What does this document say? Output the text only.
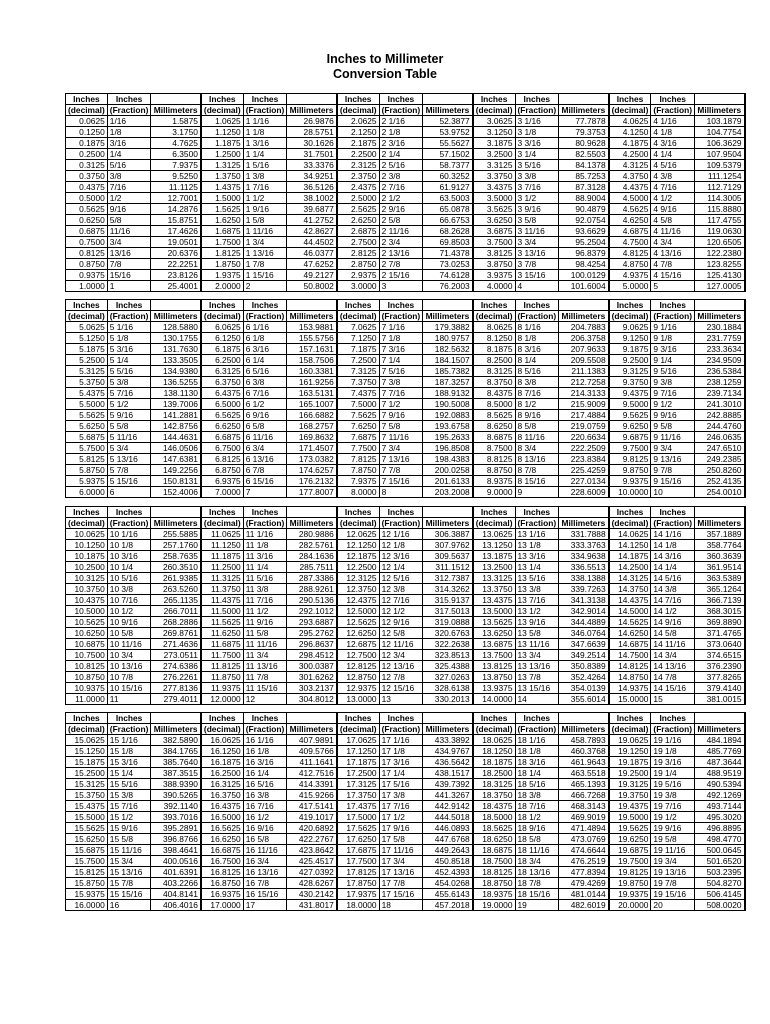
Inches to Millimeter
Conversion Table
Inches	Inches		Inches	Inches		Inches	Inches		Inches	Inches		Inches	Inches	
(decimal)	(Fraction)	Millimeters	(decimal)	(Fraction)	Millimeters	(decimal)	(Fraction)	Millimeters	(decimal)	(Fraction)	Millimeters	(decimal)	(Fraction)	Millimeters
0.0625	1/16	1.5875	1.0625	1 1/16	26.9876	2.0625	2 1/16	52.3877	3.0625	3 1/16	77.7878	4.0625	4 1/16	103.1879
0.1250	1/8	3.1750	1.1250	1 1/8	28.5751	2.1250	2 1/8	53.9752	3.1250	3 1/8	79.3753	4.1250	4 1/8	104.7754
0.1875	3/16	4.7625	1.1875	1 3/16	30.1626	2.1875	2 3/16	55.5627	3.1875	3 3/16	80.9628	4.1875	4 3/16	106.3629
0.2500	1/4	6.3500	1.2500	1 1/4	31.7501	2.2500	2 1/4	57.1502	3.2500	3 1/4	82.5503	4.2500	4 1/4	107.9504
0.3125	5/16	7.9375	1.3125	1 5/16	33.3376	2.3125	2 5/16	58.7377	3.3125	3 5/16	84.1378	4.3125	4 5/16	109.5379
0.3750	3/8	9.5250	1.3750	1 3/8	34.9251	2.3750	2 3/8	60.3252	3.3750	3 3/8	85.7253	4.3750	4 3/8	111.1254
0.4375	7/16	11.1125	1.4375	1 7/16	36.5126	2.4375	2 7/16	61.9127	3.4375	3 7/16	87.3128	4.4375	4 7/16	112.7129
0.5000	1/2	12.7001	1.5000	1 1/2	38.1002	2.5000	2 1/2	63.5003	3.5000	3 1/2	88.9004	4.5000	4 1/2	114.3005
0.5625	9/16	14.2876	1.5625	1 9/16	39.6877	2.5625	2 9/16	65.0878	3.5625	3 9/16	90.4879	4.5625	4 9/16	115.8880
0.6250	5/8	15.8751	1.6250	1 5/8	41.2752	2.6250	2 5/8	66.6753	3.6250	3 5/8	92.0754	4.6250	4 5/8	117.4755
0.6875	11/16	17.4626	1.6875	1 11/16	42.8627	2.6875	2 11/16	68.2628	3.6875	3 11/16	93.6629	4.6875	4 11/16	119.0630
0.7500	3/4	19.0501	1.7500	1 3/4	44.4502	2.7500	2 3/4	69.8503	3.7500	3 3/4	95.2504	4.7500	4 3/4	120.6505
0.8125	13/16	20.6376	1.8125	1 13/16	46.0377	2.8125	2 13/16	71.4378	3.8125	3 13/16	96.8379	4.8125	4 13/16	122.2380
0.8750	7/8	22.2251	1.8750	1 7/8	47.6252	2.8750	2 7/8	73.0253	3.8750	3 7/8	98.4254	4.8750	4 7/8	123.8255
0.9375	15/16	23.8126	1.9375	1 15/16	49.2127	2.9375	2 15/16	74.6128	3.9375	3 15/16	100.0129	4.9375	4 15/16	125.4130
1.0000	1	25.4001	2.0000	2	50.8002	3.0000	3	76.2003	4.0000	4	101.6004	5.0000	5	127.0005
Inches	Inches		Inches	Inches		Inches	Inches		Inches	Inches		Inches	Inches	
(decimal)	(Fraction)	Millimeters	(decimal)	(Fraction)	Millimeters	(decimal)	(Fraction)	Millimeters	(decimal)	(Fraction)	Millimeters	(decimal)	(Fraction)	Millimeters
5.0625	5 1/16	128.5880	6.0625	6 1/16	153.9881	7.0625	7 1/16	179.3882	8.0625	8 1/16	204.7883	9.0625	9 1/16	230.1884
5.1250	5 1/8	130.1755	6.1250	6 1/8	155.5756	7.1250	7 1/8	180.9757	8.1250	8 1/8	206.3758	9.1250	9 1/8	231.7759
5.1875	5 3/16	131.7630	6.1875	6 3/16	157.1631	7.1875	7 3/16	182.5632	8.1875	8 3/16	207.9633	9.1875	9 3/16	233.3634
5.2500	5 1/4	133.3505	6.2500	6 1/4	158.7506	7.2500	7 1/4	184.1507	8.2500	8 1/4	209.5508	9.2500	9 1/4	234.9509
5.3125	5 5/16	134.9380	6.3125	6 5/16	160.3381	7.3125	7 5/16	185.7382	8.3125	8 5/16	211.1383	9.3125	9 5/16	236.5384
5.3750	5 3/8	136.5255	6.3750	6 3/8	161.9256	7.3750	7 3/8	187.3257	8.3750	8 3/8	212.7258	9.3750	9 3/8	238.1259
5.4375	5 7/16	138.1130	6.4375	6 7/16	163.5131	7.4375	7 7/16	188.9132	8.4375	8 7/16	214.3133	9.4375	9 7/16	239.7134
5.5000	5 1/2	139.7006	6.5000	6 1/2	165.1007	7.5000	7 1/2	190.5008	8.5000	8 1/2	215.9009	9.5000	9 1/2	241.3010
5.5625	5 9/16	141.2881	6.5625	6 9/16	166.6882	7.5625	7 9/16	192.0883	8.5625	8 9/16	217.4884	9.5625	9 9/16	242.8885
5.6250	5 5/8	142.8756	6.6250	6 5/8	168.2757	7.6250	7 5/8	193.6758	8.6250	8 5/8	219.0759	9.6250	9 5/8	244.4760
5.6875	5 11/16	144.4631	6.6875	6 11/16	169.8632	7.6875	7 11/16	195.2633	8.6875	8 11/16	220.6634	9.6875	9 11/16	246.0635
5.7500	5 3/4	146.0506	6.7500	6 3/4	171.4507	7.7500	7 3/4	196.8508	8.7500	8 3/4	222.2509	9.7500	9 3/4	247.6510
5.8125	5 13/16	147.6381	6.8125	6 13/16	173.0382	7.8125	7 13/16	198.4383	8.8125	8 13/16	223.8384	9.8125	9 13/16	249.2385
5.8750	5 7/8	149.2256	6.8750	6 7/8	174.6257	7.8750	7 7/8	200.0258	8.8750	8 7/8	225.4259	9.8750	9 7/8	250.8260
5.9375	5 15/16	150.8131	6.9375	6 15/16	176.2132	7.9375	7 15/16	201.6133	8.9375	8 15/16	227.0134	9.9375	9 15/16	252.4135
6.0000	6	152.4006	7.0000	7	177.8007	8.0000	8	203.2008	9.0000	9	228.6009	10.0000	10	254.0010
Inches	Inches		Inches	Inches		Inches	Inches		Inches	Inches		Inches	Inches	
(decimal)	(Fraction)	Millimeters	(decimal)	(Fraction)	Millimeters	(decimal)	(Fraction)	Millimeters	(decimal)	(Fraction)	Millimeters	(decimal)	(Fraction)	Millimeters
10.0625	10 1/16	255.5885	11.0625	11 1/16	280.9886	12.0625	12 1/16	306.3887	13.0625	13 1/16	331.7888	14.0625	14 1/16	357.1889
10.1250	10 1/8	257.1760	11.1250	11 1/8	282.5761	12.1250	12 1/8	307.9762	13.1250	13 1/8	333.3763	14.1250	14 1/8	358.7764
10.1875	10 3/16	258.7635	11.1875	11 3/16	284.1636	12.1875	12 3/16	309.5637	13.1875	13 3/16	334.9638	14.1875	14 3/16	360.3639
10.2500	10 1/4	260.3510	11.2500	11 1/4	285.7511	12.2500	12 1/4	311.1512	13.2500	13 1/4	336.5513	14.2500	14 1/4	361.9514
10.3125	10 5/16	261.9385	11.3125	11 5/16	287.3386	12.3125	12 5/16	312.7387	13.3125	13 5/16	338.1388	14.3125	14 5/16	363.5389
10.3750	10 3/8	263.5260	11.3750	11 3/8	288.9261	12.3750	12 3/8	314.3262	13.3750	13 3/8	339.7263	14.3750	14 3/8	365.1264
10.4375	10 7/16	265.1135	11.4375	11 7/16	290.5136	12.4375	12 7/16	315.9137	13.4375	13 7/16	341.3138	14.4375	14 7/16	366.7139
10.5000	10 1/2	266.7011	11.5000	11 1/2	292.1012	12.5000	12 1/2	317.5013	13.5000	13 1/2	342.9014	14.5000	14 1/2	368.3015
10.5625	10 9/16	268.2886	11.5625	11 9/16	293.6887	12.5625	12 9/16	319.0888	13.5625	13 9/16	344.4889	14.5625	14 9/16	369.8890
10.6250	10 5/8	269.8761	11.6250	11 5/8	295.2762	12.6250	12 5/8	320.6763	13.6250	13 5/8	346.0764	14.6250	14 5/8	371.4765
10.6875	10 11/16	271.4636	11.6875	11 11/16	296.8637	12.6875	12 11/16	322.2638	13.6875	13 11/16	347.6639	14.6875	14 11/16	373.0640
10.7500	10 3/4	273.0511	11.7500	11 3/4	298.4512	12.7500	12 3/4	323.8513	13.7500	13 3/4	349.2514	14.7500	14 3/4	374.6515
10.8125	10 13/16	274.6386	11.8125	11 13/16	300.0387	12.8125	12 13/16	325.4388	13.8125	13 13/16	350.8389	14.8125	14 13/16	376.2390
10.8750	10 7/8	276.2261	11.8750	11 7/8	301.6262	12.8750	12 7/8	327.0263	13.8750	13 7/8	352.4264	14.8750	14 7/8	377.8265
10.9375	10 15/16	277.8136	11.9375	11 15/16	303.2137	12.9375	12 15/16	328.6138	13.9375	13 15/16	354.0139	14.9375	14 15/16	379.4140
11.0000	11	279.4011	12.0000	12	304.8012	13.0000	13	330.2013	14.0000	14	355.6014	15.0000	15	381.0015
Inches	Inches		Inches	Inches		Inches	Inches		Inches	Inches		Inches	Inches	
(decimal)	(Fraction)	Millimeters	(decimal)	(Fraction)	Millimeters	(decimal)	(Fraction)	Millimeters	(decimal)	(Fraction)	Millimeters	(decimal)	(Fraction)	Millimeters
15.0625	15 1/16	382.5890	16.0625	16 1/16	407.9891	17.0625	17 1/16	433.3892	18.0625	18 1/16	458.7893	19.0625	19 1/16	484.1894
15.1250	15 1/8	384.1765	16.1250	16 1/8	409.5766	17.1250	17 1/8	434.9767	18.1250	18 1/8	460.3768	19.1250	19 1/8	485.7769
15.1875	15 3/16	385.7640	16.1875	16 3/16	411.1641	17.1875	17 3/16	436.5642	18.1875	18 3/16	461.9643	19.1875	19 3/16	487.3644
15.2500	15 1/4	387.3515	16.2500	16 1/4	412.7516	17.2500	17 1/4	438.1517	18.2500	18 1/4	463.5518	19.2500	19 1/4	488.9519
15.3125	15 5/16	388.9390	16.3125	16 5/16	414.3391	17.3125	17 5/16	439.7392	18.3125	18 5/16	465.1393	19.3125	19 5/16	490.5394
15.3750	15 3/8	390.5265	16.3750	16 3/8	415.9266	17.3750	17 3/8	441.3267	18.3750	18 3/8	466.7268	19.3750	19 3/8	492.1269
15.4375	15 7/16	392.1140	16.4375	16 7/16	417.5141	17.4375	17 7/16	442.9142	18.4375	18 7/16	468.3143	19.4375	19 7/16	493.7144
15.5000	15 1/2	393.7016	16.5000	16 1/2	419.1017	17.5000	17 1/2	444.5018	18.5000	18 1/2	469.9019	19.5000	19 1/2	495.3020
15.5625	15 9/16	395.2891	16.5625	16 9/16	420.6892	17.5625	17 9/16	446.0893	18.5625	18 9/16	471.4894	19.5625	19 9/16	496.8895
15.6250	15 5/8	396.8766	16.6250	16 5/8	422.2767	17.6250	17 5/8	447.6768	18.6250	18 5/8	473.0769	19.6250	19 5/8	498.4770
15.6875	15 11/16	398.4641	16.6875	16 11/16	423.8642	17.6875	17 11/16	449.2643	18.6875	18 11/16	474.6644	19.6875	19 11/16	500.0645
15.7500	15 3/4	400.0516	16.7500	16 3/4	425.4517	17.7500	17 3/4	450.8518	18.7500	18 3/4	476.2519	19.7500	19 3/4	501.6520
15.8125	15 13/16	401.6391	16.8125	16 13/16	427.0392	17.8125	17 13/16	452.4393	18.8125	18 13/16	477.8394	19.8125	19 13/16	503.2395
15.8750	15 7/8	403.2266	16.8750	16 7/8	428.6267	17.8750	17 7/8	454.0268	18.8750	18 7/8	479.4269	19.8750	19 7/8	504.8270
15.9375	15 15/16	404.8141	16.9375	16 15/16	430.2142	17.9375	17 15/16	455.6143	18.9375	18 15/16	481.0144	19.9375	19 15/16	506.4145
16.0000	16	406.4016	17.0000	17	431.8017	18.0000	18	457.2018	19.0000	19	482.6019	20.0000	20	508.0020
